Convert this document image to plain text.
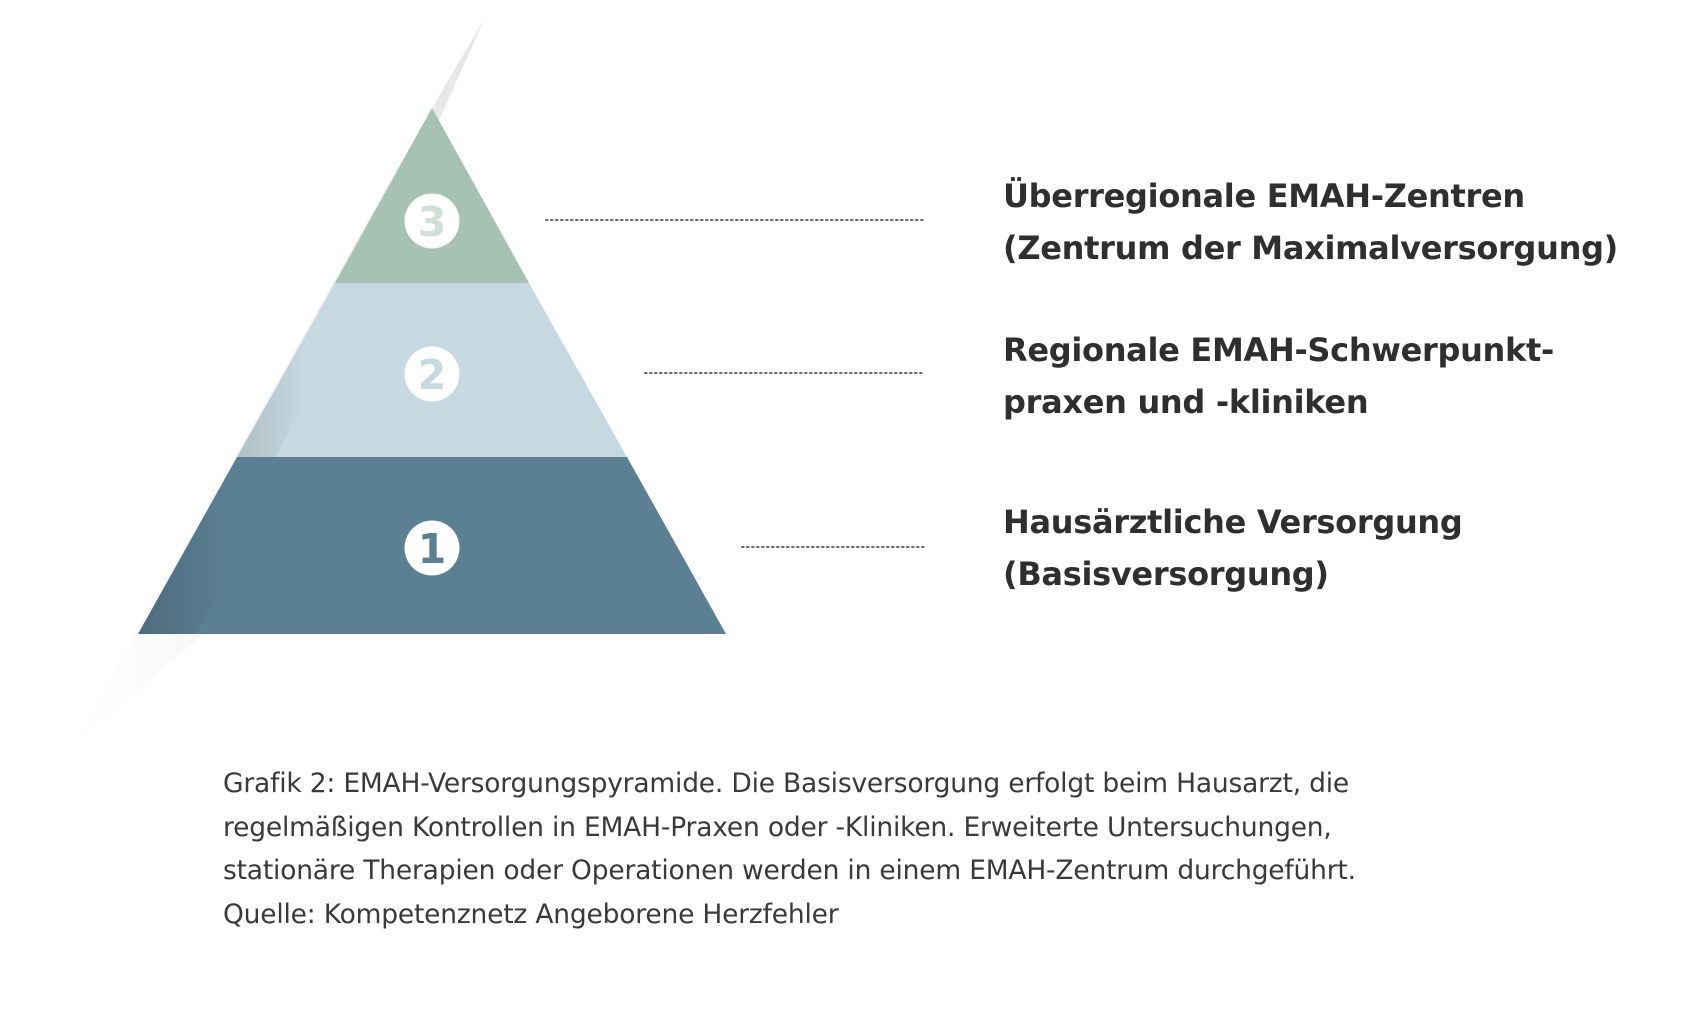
3
2
1
Überregionale EMAH-Zentren
(Zentrum der Maximalversorgung)
Regionale EMAH-Schwerpunkt-
praxen und -kliniken
Hausärztliche Versorgung
(Basisversorgung)
Grafik 2: EMAH-Versorgungspyramide. Die Basisversorgung erfolgt beim Hausarzt, die
regelmäßigen Kontrollen in EMAH-Praxen oder -Kliniken. Erweiterte Untersuchungen,
stationäre Therapien oder Operationen werden in einem EMAH-Zentrum durchgeführt.
Quelle: Kompetenznetz Angeborene Herzfehler
